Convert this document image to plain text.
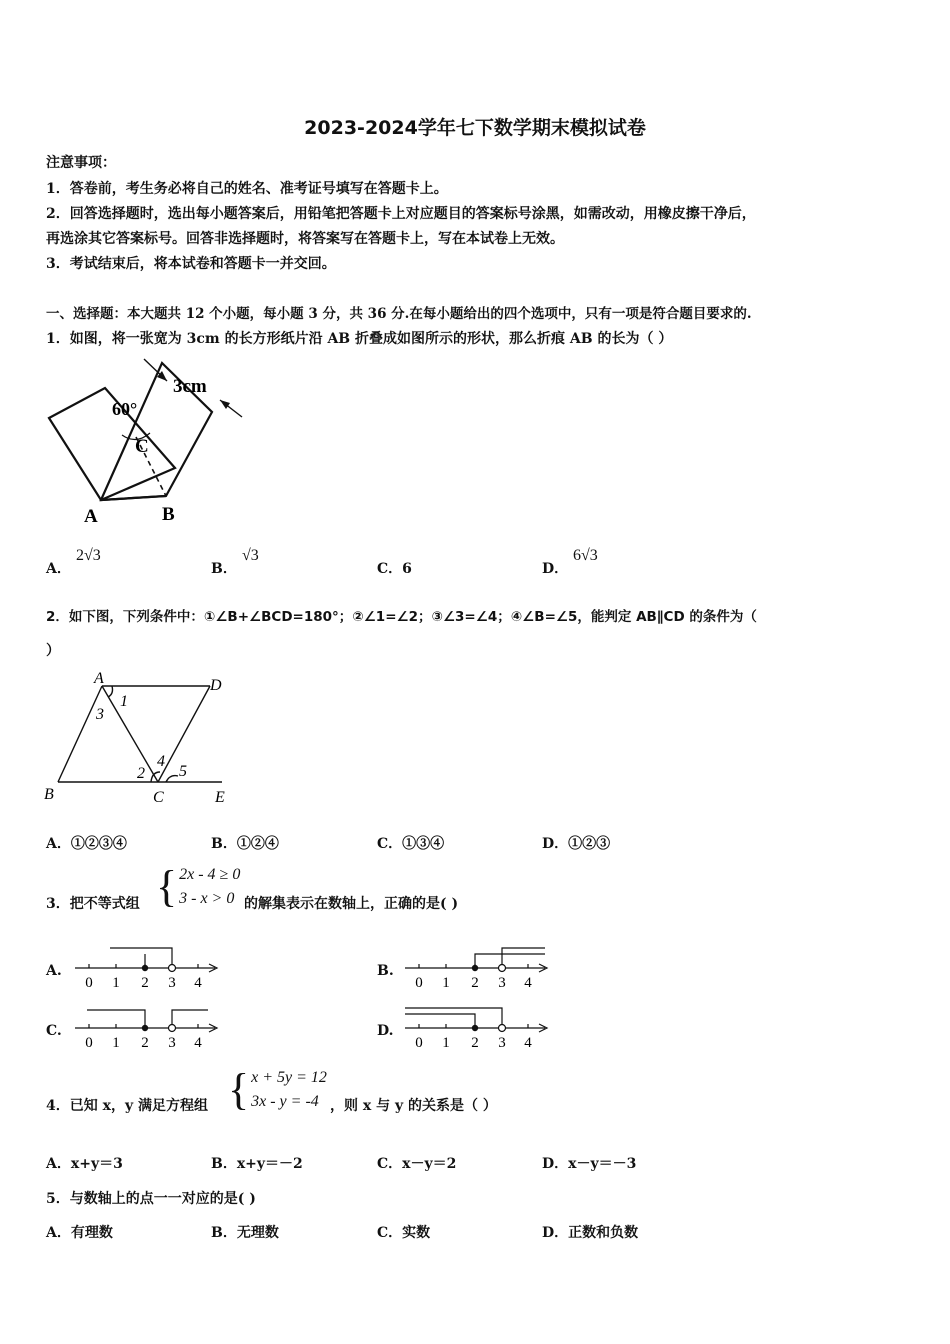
2023-2024学年七下数学期末模拟试卷
注意事项：
1．答卷前，考生务必将自己的姓名、准考证号填写在答题卡上。
2．回答选择题时，选出每小题答案后，用铅笔把答题卡上对应题目的答案标号涂黑，如需改动，用橡皮擦干净后，
再选涂其它答案标号。回答非选择题时，将答案写在答题卡上，写在本试卷上无效。
3．考试结束后，将本试卷和答题卡一并交回。
一、选择题：本大题共 12 个小题，每小题 3 分，共 36 分.在每小题给出的四个选项中，只有一项是符合题目要求的.
1．如图，将一张宽为 3cm 的长方形纸片沿 AB 折叠成如图所示的形状，那么折痕 AB 的长为（ ）
3cm
60°
C
A	B
A．
2√3
B．
√3
C．6	D．
6√3
2．如下图，下列条件中：①∠B+∠BCD=180°；②∠1=∠2；③∠3=∠4；④∠B=∠5，能判定 AB∥CD 的条件为（
）
A	D
B	C	E
1
3
2
4
5
A．①②③④	B．①②④	C．①③④	D．①②③
3．把不等式组 { 2x - 4 ≥ 0
3 - x > 0 的解集表示在数轴上，正确的是( )
A.
0 1 2 3 4
B.
0 1 2 3 4
C.
0 1 2 3 4
D.
0 1 2 3 4
4．已知 x，y 满足方程组 { x + 5y = 12
3x - y = -4 ，则 x 与 y 的关系是（ ）
A．x+y＝3	B．x+y＝－2	C．x－y＝2	D．x－y＝－3
5．与数轴上的点一一对应的是( )
A．有理数	B．无理数	C．实数	D．正数和负数
